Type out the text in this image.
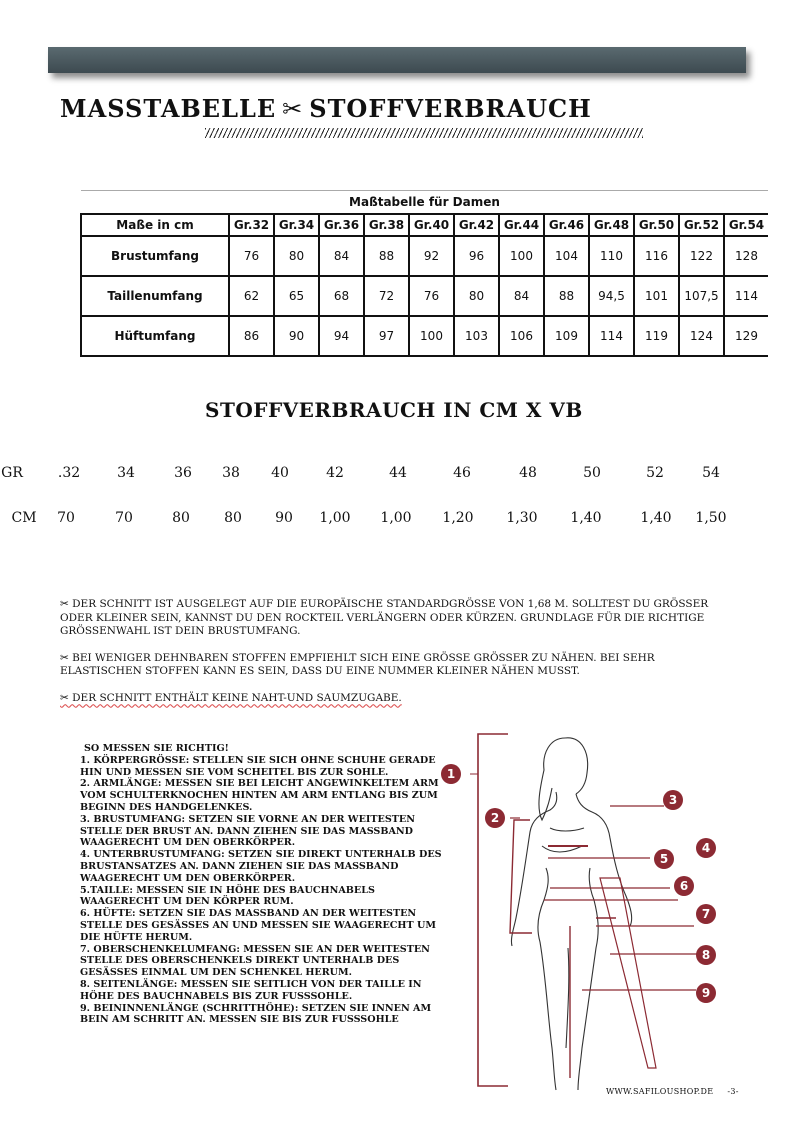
MASSTABELLE ✂ STOFFVERBRAUCH
Maßtabelle für Damen												
Maße in cm	Gr.32	Gr.34	Gr.36	Gr.38	Gr.40	Gr.42	Gr.44	Gr.46	Gr.48	Gr.50	Gr.52	Gr.54
Brustumfang	76	80	84	88	92	96	100	104	110	116	122	128
Taillenumfang	62	65	68	72	76	80	84	88	94,5	101	107,5	114
Hüftumfang	86	90	94	97	100	103	106	109	114	119	124	129
STOFFVERBRAUCH IN CM X VB
GR	.32	34	36 38 40	42	44	46	48	50	52	54
CM 70	70	80 80 90 1,00 1,00 1,20 1,30 1,40	1,40 1,50

✂ DER SCHNITT IST AUSGELEGT AUF DIE EUROPÄISCHE STANDARDGRÖSSE VON 1,68 M. SOLLTEST DU GRÖSSER ODER KLEINER SEIN, KANNST DU DEN ROCKTEIL VERLÄNGERN ODER KÜRZEN. GRUNDLAGE FÜR DIE RICHTIGE GRÖSSENWAHL IST DEIN BRUSTUMFANG.

✂ BEI WENIGER DEHNBAREN STOFFEN EMPFIEHLT SICH EINE GRÖSSE GRÖSSER ZU NÄHEN. BEI SEHR ELASTISCHEN STOFFEN KANN ES SEIN, DASS DU EINE NUMMER KLEINER NÄHEN MUSST.

✂ DER SCHNITT ENTHÄLT KEINE NAHT-UND SAUMZUGABE.

SO MESSEN SIE RICHTIG!
1. KÖRPERGRÖSSE: STELLEN SIE SICH OHNE SCHUHE GERADE HIN UND MESSEN SIE VOM SCHEITEL BIS ZUR SOHLE.
2. ARMLÄNGE: MESSEN SIE BEI LEICHT ANGEWINKELTEM ARM VOM SCHULTERKNOCHEN HINTEN AM ARM ENTLANG BIS ZUM BEGINN DES HANDGELENKES.
3. BRUSTUMFANG: SETZEN SIE VORNE AN DER WEITESTEN STELLE DER BRUST AN. DANN ZIEHEN SIE DAS MASSBAND WAAGERECHT UM DEN OBERKÖRPER.
4. UNTERBRUSTUMFANG: SETZEN SIE DIREKT UNTERHALB DES BRUSTANSATZES AN. DANN ZIEHEN SIE DAS MASSBAND WAAGERECHT UM DEN OBERKÖRPER.
5.TAILLE: MESSEN SIE IN HÖHE DES BAUCHNABELS WAAGERECHT UM DEN KÖRPER RUM.
6. HÜFTE: SETZEN SIE DAS MASSBAND AN DER WEITESTEN STELLE DES GESÄSSES AN UND MESSEN SIE WAAGERECHT UM DIE HÜFTE HERUM.
7. OBERSCHENKELUMFANG: MESSEN SIE AN DER WEITESTEN STELLE DES OBERSCHENKELS DIREKT UNTERHALB DES GESÄSSES EINMAL UM DEN SCHENKEL HERUM.
8. SEITENLÄNGE: MESSEN SIE SEITLICH VON DER TAILLE IN HÖHE DES BAUCHNABELS BIS ZUR FUSSSOHLE.
9. BEININNENLÄNGE (SCHRITTHÖHE): SETZEN SIE INNEN AM BEIN AM SCHRITT AN. MESSEN SIE BIS ZUR FUSSSOHLE
1
2
3
4
5
6
7
8
9
WWW.SAFILOUSHOP.DE -3-
